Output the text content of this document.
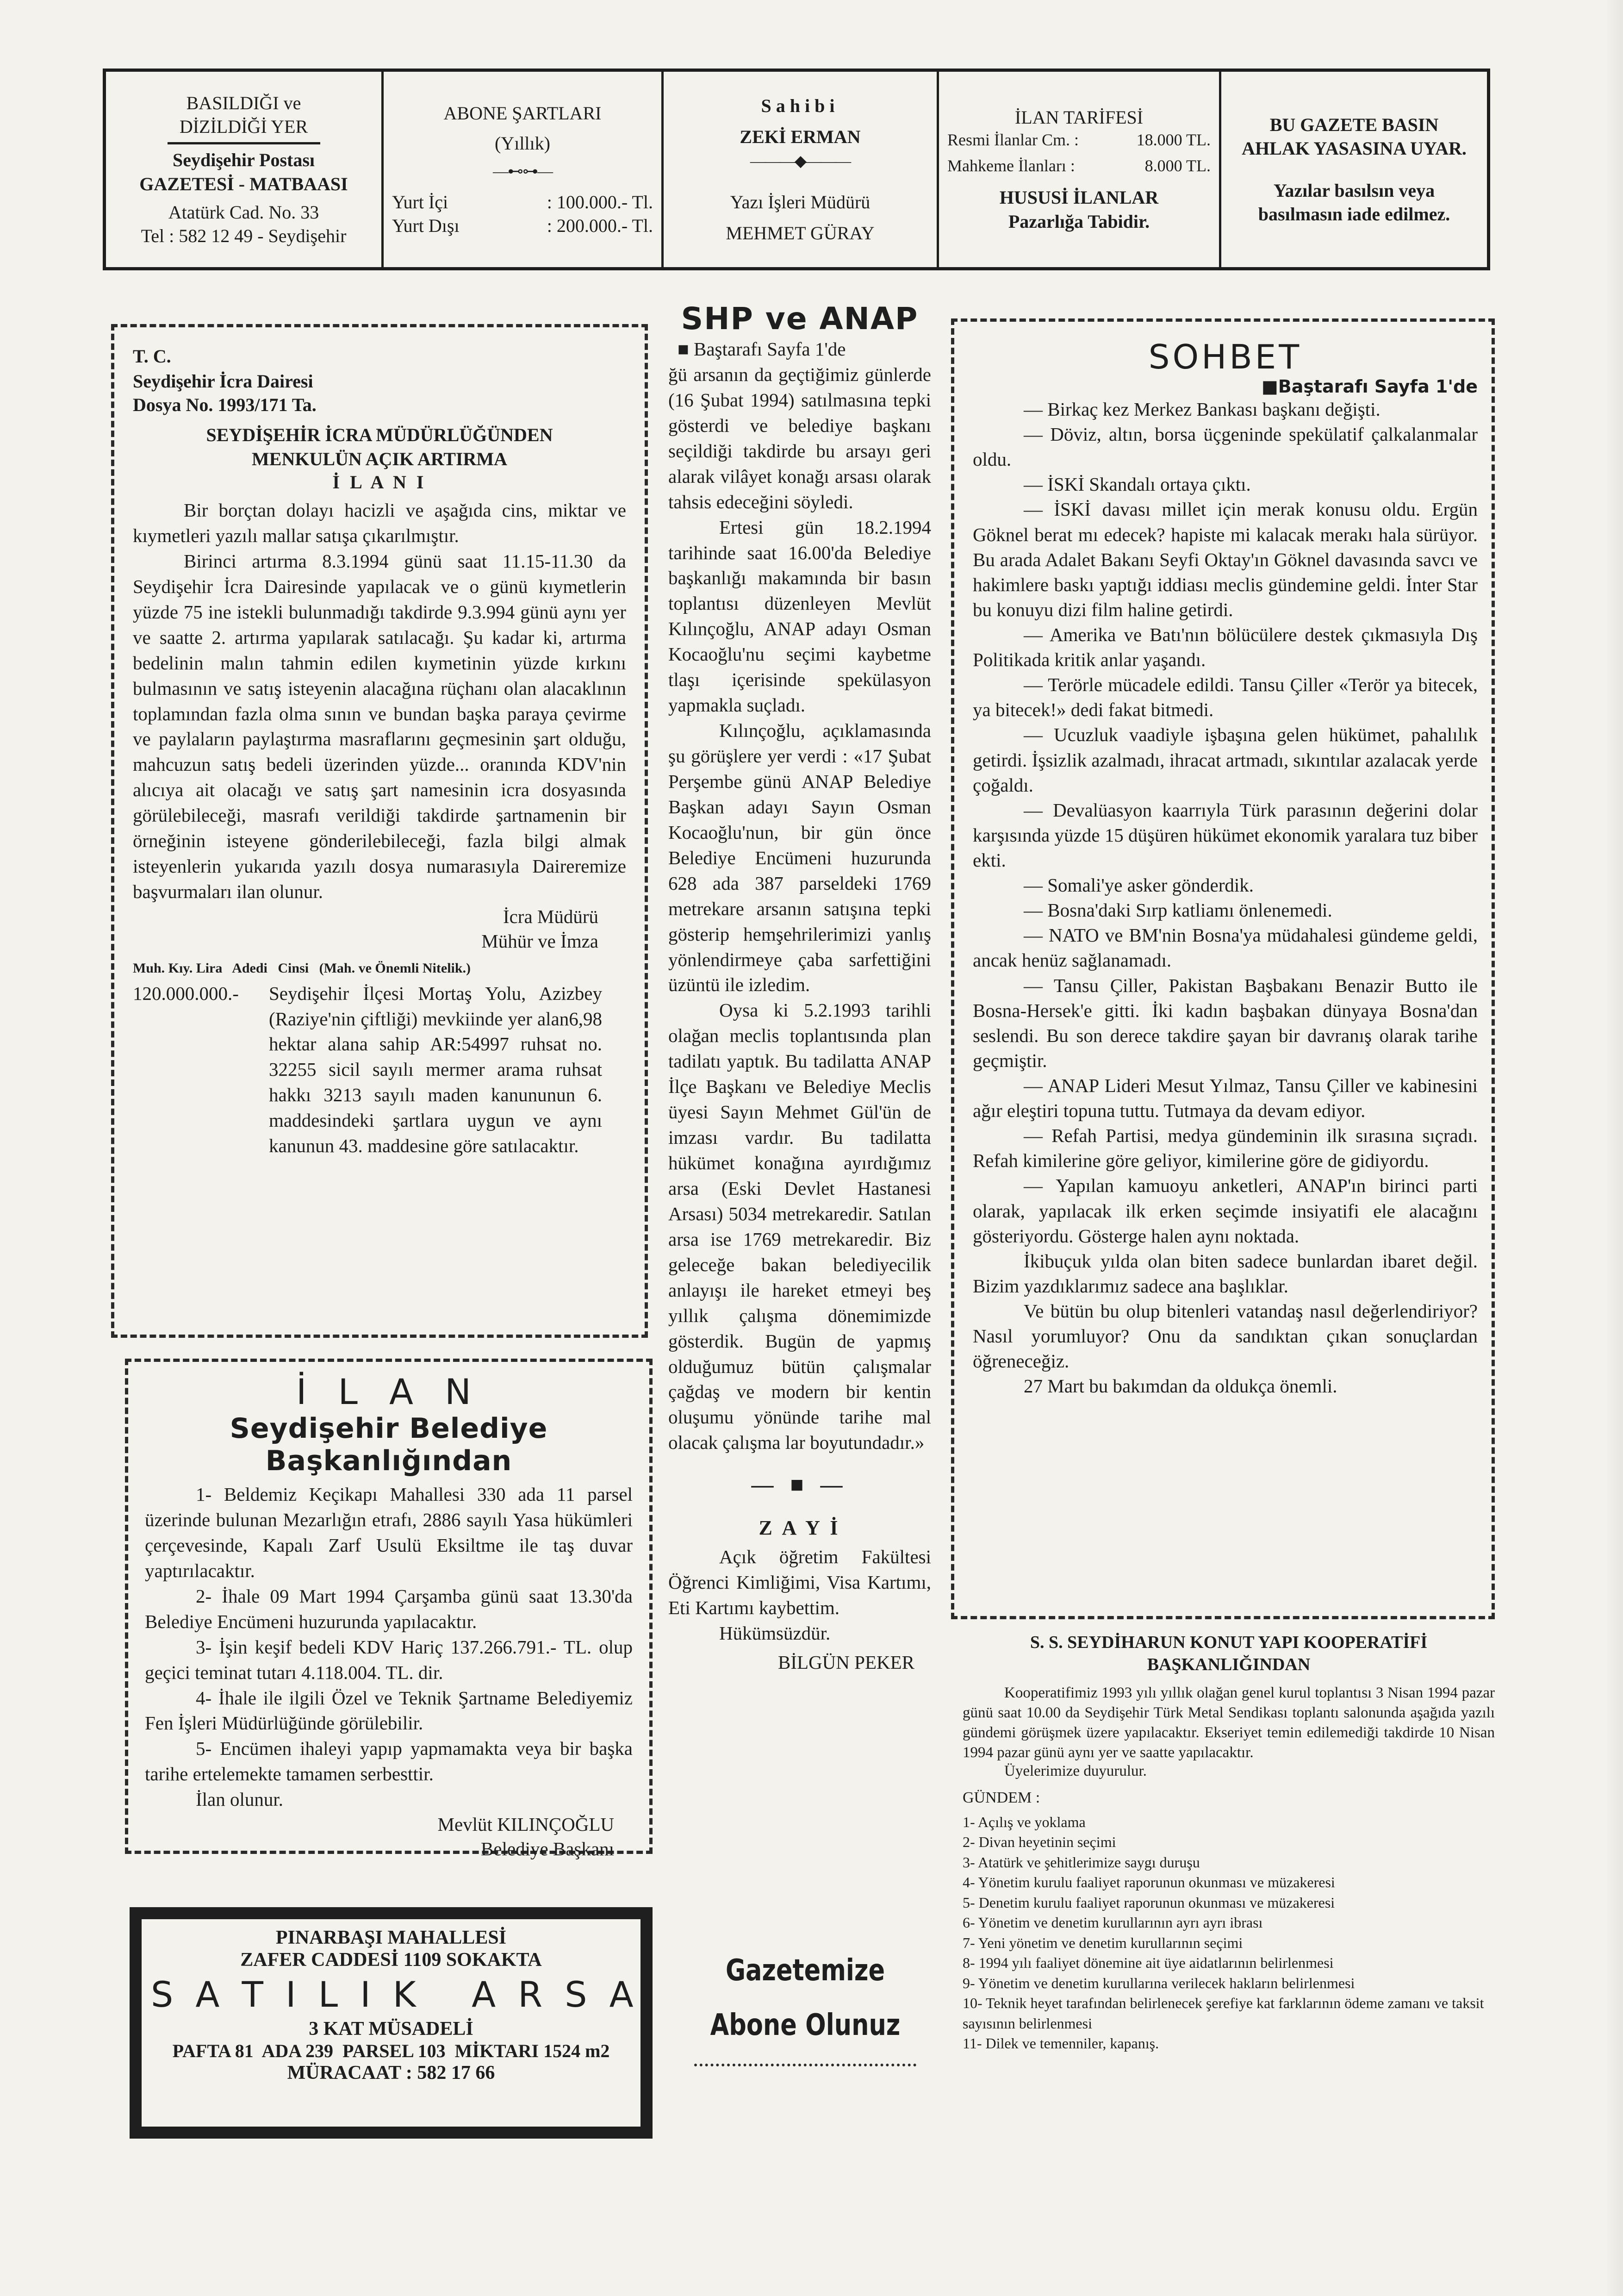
BASILDIĞI ve
DİZİLDİĞİ YER
Seydişehir Postası
GAZETESİ - MATBAASI
Atatürk Cad. No. 33
Tel : 582 12 49 - Seydişehir
ABONE ŞARTLARI
(Yıllık)
—⊷⊶—
Yurt İçi	: 100.000.- Tl.
Yurt Dışı	: 200.000.- Tl.
Sahibi
ZEKİ ERMAN
———◆———
Yazı İşleri Müdürü
MEHMET GÜRAY
İLAN TARİFESİ
Resmi İlanlar Cm. :	18.000 TL.
Mahkeme İlanları :	8.000 TL.
HUSUSİ İLANLAR
Pazarlığa Tabidir.
BU GAZETE BASIN
AHLAK YASASINA UYAR.
Yazılar basılsın veya
basılmasın iade edilmez.
T. C.
Seydişehir İcra Dairesi
Dosya No. 1993/171 Ta.
SEYDİŞEHİR İCRA MÜDÜRLÜĞÜNDEN
MENKULÜN AÇIK ARTIRMA
İ L A N I

Bir borçtan dolayı hacizli ve aşağıda cins, miktar ve kıymetleri yazılı mallar satışa çıkarılmıştır.

Birinci artırma 8.3.1994 günü saat 11.15-11.30 da Seydişehir İcra Dairesinde yapılacak ve o günü kıymetlerin yüzde 75 ine istekli bulunmadığı takdirde 9.3.994 günü aynı yer ve saatte 2. artırma yapılarak satılacağı. Şu kadar ki, artırma bedelinin malın tahmin edilen kıymetinin yüzde kırkını bulmasının ve satış isteyenin alacağına rüçhanı olan alacaklının toplamından fazla olma sının ve bundan başka paraya çevirme ve paylaların paylaştırma masraflarını geçmesinin şart olduğu, mahcuzun satış bedeli üzerinden yüzde... oranında KDV'nin alıcıya ait olacağı ve satış şart namesinin icra dosyasında görülebileceği, masrafı verildiği takdirde şartnamenin bir örneğinin isteyene gönderilebileceği, fazla bilgi almak isteyenlerin yukarıda yazılı dosya numarasıyla Daireremize başvurmaları ilan olunur.

İcra Müdürü
Mühür ve İmza
Muh. Kıy. Lira   Adedi   Cinsi   (Mah. ve Önemli Nitelik.)
120.000.000.-	Seydişehir İlçesi Mortaş Yolu, Azizbey (Raziye'nin çiftliği) mevkiinde yer alan6,98 hektar alana sahip AR:54997 ruhsat no. 32255 sicil sayılı mermer arama ruhsat hakkı 3213 sayılı maden kanununun 6. maddesindeki şartlara uygun ve aynı kanunun 43. maddesine göre satılacaktır.
İ L A N
Seydişehir Belediye Başkanlığından

1- Beldemiz Keçikapı Mahallesi 330 ada 11 parsel üzerinde bulunan Mezarlığın etrafı, 2886 sayılı Yasa hükümleri çerçevesinde, Kapalı Zarf Usulü Eksiltme ile taş duvar yaptırılacaktır.

2- İhale 09 Mart 1994 Çarşamba günü saat 13.30'da Belediye Encümeni huzurunda yapılacaktır.

3- İşin keşif bedeli KDV Hariç 137.266.791.- TL. olup geçici teminat tutarı 4.118.004. TL. dir.

4- İhale ile ilgili Özel ve Teknik Şartname Belediyemiz Fen İşleri Müdürlüğünde görülebilir.

5- Encümen ihaleyi yapıp yapmamakta veya bir başka tarihe ertelemekte tamamen serbesttir.

İlan olunur.

Mevlüt KILINÇOĞLU
Belediye Başkanı
PINARBAŞI MAHALLESİ
ZAFER CADDESİ 1109 SOKAKTA
S A T I L I K   A R S A
3 KAT MÜSADELİ
PAFTA 81  ADA 239  PARSEL 103  MİKTARI 1524 m2
MÜRACAAT : 582 17 66
SHP ve ANAP

■ Baştarafı Sayfa 1'de

ğü arsanın da geçtiğimiz günlerde (16 Şubat 1994) satılmasına tepki gösterdi ve belediye başkanı seçildiği takdirde bu arsayı geri alarak vilâyet konağı arsası olarak tahsis edeceğini söyledi.

Ertesi gün 18.2.1994 tarihinde saat 16.00'da Belediye başkanlığı makamında bir basın toplantısı düzenleyen Mevlüt Kılınçoğlu, ANAP adayı Osman Kocaoğlu'nu seçimi kaybetme tlaşı içerisinde spekülasyon yapmakla suçladı.

Kılınçoğlu, açıklamasında şu görüşlere yer verdi : «17 Şubat Perşembe günü ANAP Belediye Başkan adayı Sayın Osman Kocaoğlu'nun, bir gün önce Belediye Encümeni huzurunda 628 ada 387 parseldeki 1769 metrekare arsanın satışına tepki gösterip hemşehrilerimizi yanlış yönlendirmeye çaba sarfettiğini üzüntü ile izledim.

Oysa ki 5.2.1993 tarihli olağan meclis toplantısında plan tadilatı yaptık. Bu tadilatta ANAP İlçe Başkanı ve Belediye Meclis üyesi Sayın Mehmet Gül'ün de imzası vardır. Bu tadilatta hükümet konağına ayırdığımız arsa (Eski Devlet Hastanesi Arsası) 5034 metrekaredir. Satılan arsa ise 1769 metrekaredir. Biz geleceğe bakan belediyecilik anlayışı ile hareket etmeyi beş yıllık çalışma dönemimizde gösterdik. Bugün de yapmış olduğumuz bütün çalışmalar çağdaş ve modern bir kentin oluşumu yönünde tarihe mal olacak çalışma lar boyutundadır.»

— ■ —
Z A Y İ

Açık öğretim Fakültesi Öğrenci Kimliğimi, Visa Kartımı, Eti Kartımı kaybettim.

Hükümsüzdür.

BİLGÜN PEKER
Gazetemize
Abone Olunuz
SOHBET
■Baştarafı Sayfa 1'de

— Birkaç kez Merkez Bankası başkanı değişti.

— Döviz, altın, borsa üçgeninde spekülatif çalkalanmalar oldu.

— İSKİ Skandalı ortaya çıktı.

— İSKİ davası millet için merak konusu oldu. Ergün Göknel berat mı edecek? hapiste mi kalacak merakı hala sürüyor. Bu arada Adalet Bakanı Seyfi Oktay'ın Göknel davasında savcı ve hakimlere baskı yaptığı iddiası meclis gündemine geldi. İnter Star bu konuyu dizi film haline getirdi.

— Amerika ve Batı'nın bölücülere destek çıkmasıyla Dış Politikada kritik anlar yaşandı.

— Terörle mücadele edildi. Tansu Çiller «Terör ya bitecek, ya bitecek!» dedi fakat bitmedi.

— Ucuzluk vaadiyle işbaşına gelen hükümet, pahalılık getirdi. İşsizlik azalmadı, ihracat artmadı, sıkıntılar azalacak yerde çoğaldı.

— Devalüasyon kaarrıyla Türk parasının değerini dolar karşısında yüzde 15 düşüren hükümet ekonomik yaralara tuz biber ekti.

— Somali'ye asker gönderdik.

— Bosna'daki Sırp katliamı önlenemedi.

— NATO ve BM'nin Bosna'ya müdahalesi gündeme geldi, ancak henüz sağlanamadı.

— Tansu Çiller, Pakistan Başbakanı Benazir Butto ile Bosna-Hersek'e gitti. İki kadın başbakan dünyaya Bosna'dan seslendi. Bu son derece takdire şayan bir davranış olarak tarihe geçmiştir.

— ANAP Lideri Mesut Yılmaz, Tansu Çiller ve kabinesini ağır eleştiri topuna tuttu. Tutmaya da devam ediyor.

— Refah Partisi, medya gündeminin ilk sırasına sıçradı. Refah kimilerine göre geliyor, kimilerine göre de gidiyordu.

— Yapılan kamuoyu anketleri, ANAP'ın birinci parti olarak, yapılacak ilk erken seçimde insiyatifi ele alacağını gösteriyordu. Gösterge halen aynı noktada.

İkibuçuk yılda olan biten sadece bunlardan ibaret değil. Bizim yazdıklarımız sadece ana başlıklar.

Ve bütün bu olup bitenleri vatandaş nasıl değerlendiriyor? Nasıl yorumluyor? Onu da sandıktan çıkan sonuçlardan öğreneceğiz.

27 Mart bu bakımdan da oldukça önemli.

S. S. SEYDİHARUN KONUT YAPI KOOPERATİFİ
BAŞKANLIĞINDAN
Kooperatifimiz 1993 yılı yıllık olağan genel kurul toplantısı 3 Nisan 1994 pazar günü saat 10.00 da Seydişehir Türk Metal Sendikası toplantı salonunda aşağıda yazılı gündemi görüşmek üzere yapılacaktır. Ekseriyet temin edilemediği takdirde 10 Nisan 1994 pazar günü aynı yer ve saatte yapılacaktır.
Üyelerimize duyurulur.
GÜNDEM :
1- Açılış ve yoklama
2- Divan heyetinin seçimi
3- Atatürk ve şehitlerimize saygı duruşu
4- Yönetim kurulu faaliyet raporunun okunması ve müzakeresi
5- Denetim kurulu faaliyet raporunun okunması ve müzakeresi
6- Yönetim ve denetim kurullarının ayrı ayrı ibrası
7- Yeni yönetim ve denetim kurullarının seçimi
8- 1994 yılı faaliyet dönemine ait üye aidatlarının belirlenmesi
9- Yönetim ve denetim kurullarına verilecek hakların belirlenmesi
10- Teknik heyet tarafından belirlenecek şerefiye kat farklarının ödeme zamanı ve taksit sayısının belirlenmesi
11- Dilek ve temenniler, kapanış.
